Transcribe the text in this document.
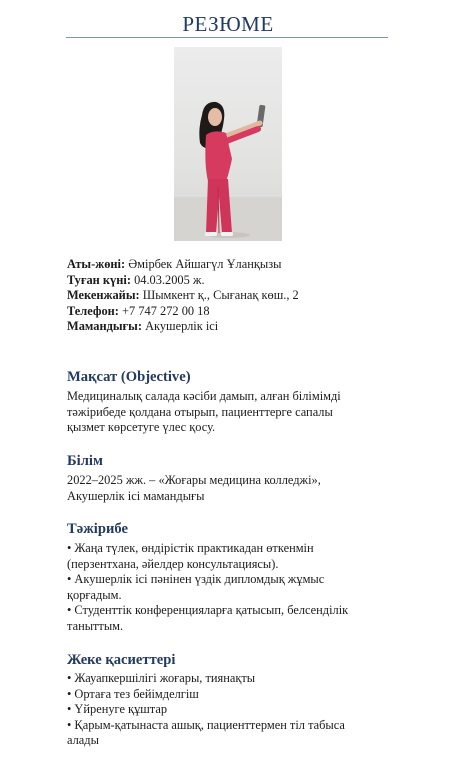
РЕЗЮМЕ
Аты-жөні: Әмірбек Айшагүл Ұланқызы
Туған күні: 04.03.2005 ж.
Мекенжайы: Шымкент қ., Сығанақ көш., 2
Телефон: +7 747 272 00 18
Мамандығы: Акушерлік ісі
Мақсат (Objective)
Медициналық салада кәсіби дамып, алған білімімді
тәжірибеде қолдана отырып, пациенттерге сапалы
қызмет көрсетуге үлес қосу.
Білім
2022–2025 жж. – «Жоғары медицина колледжі»,
Акушерлік ісі мамандығы
Тәжірибе
• Жаңа түлек, өндірістік практикадан өткенмін
(перзентхана, әйелдер консультациясы).
• Акушерлік ісі пәнінен үздік дипломдық жұмыс
қорғадым.
• Студенттік конференцияларға қатысып, белсенділік
таныттым.
Жеке қасиеттері
• Жауапкершілігі жоғары, тиянақты
• Ортаға тез бейімделгіш
• Үйренуге құштар
• Қарым-қатынаста ашық, пациенттермен тіл табыса
алады
